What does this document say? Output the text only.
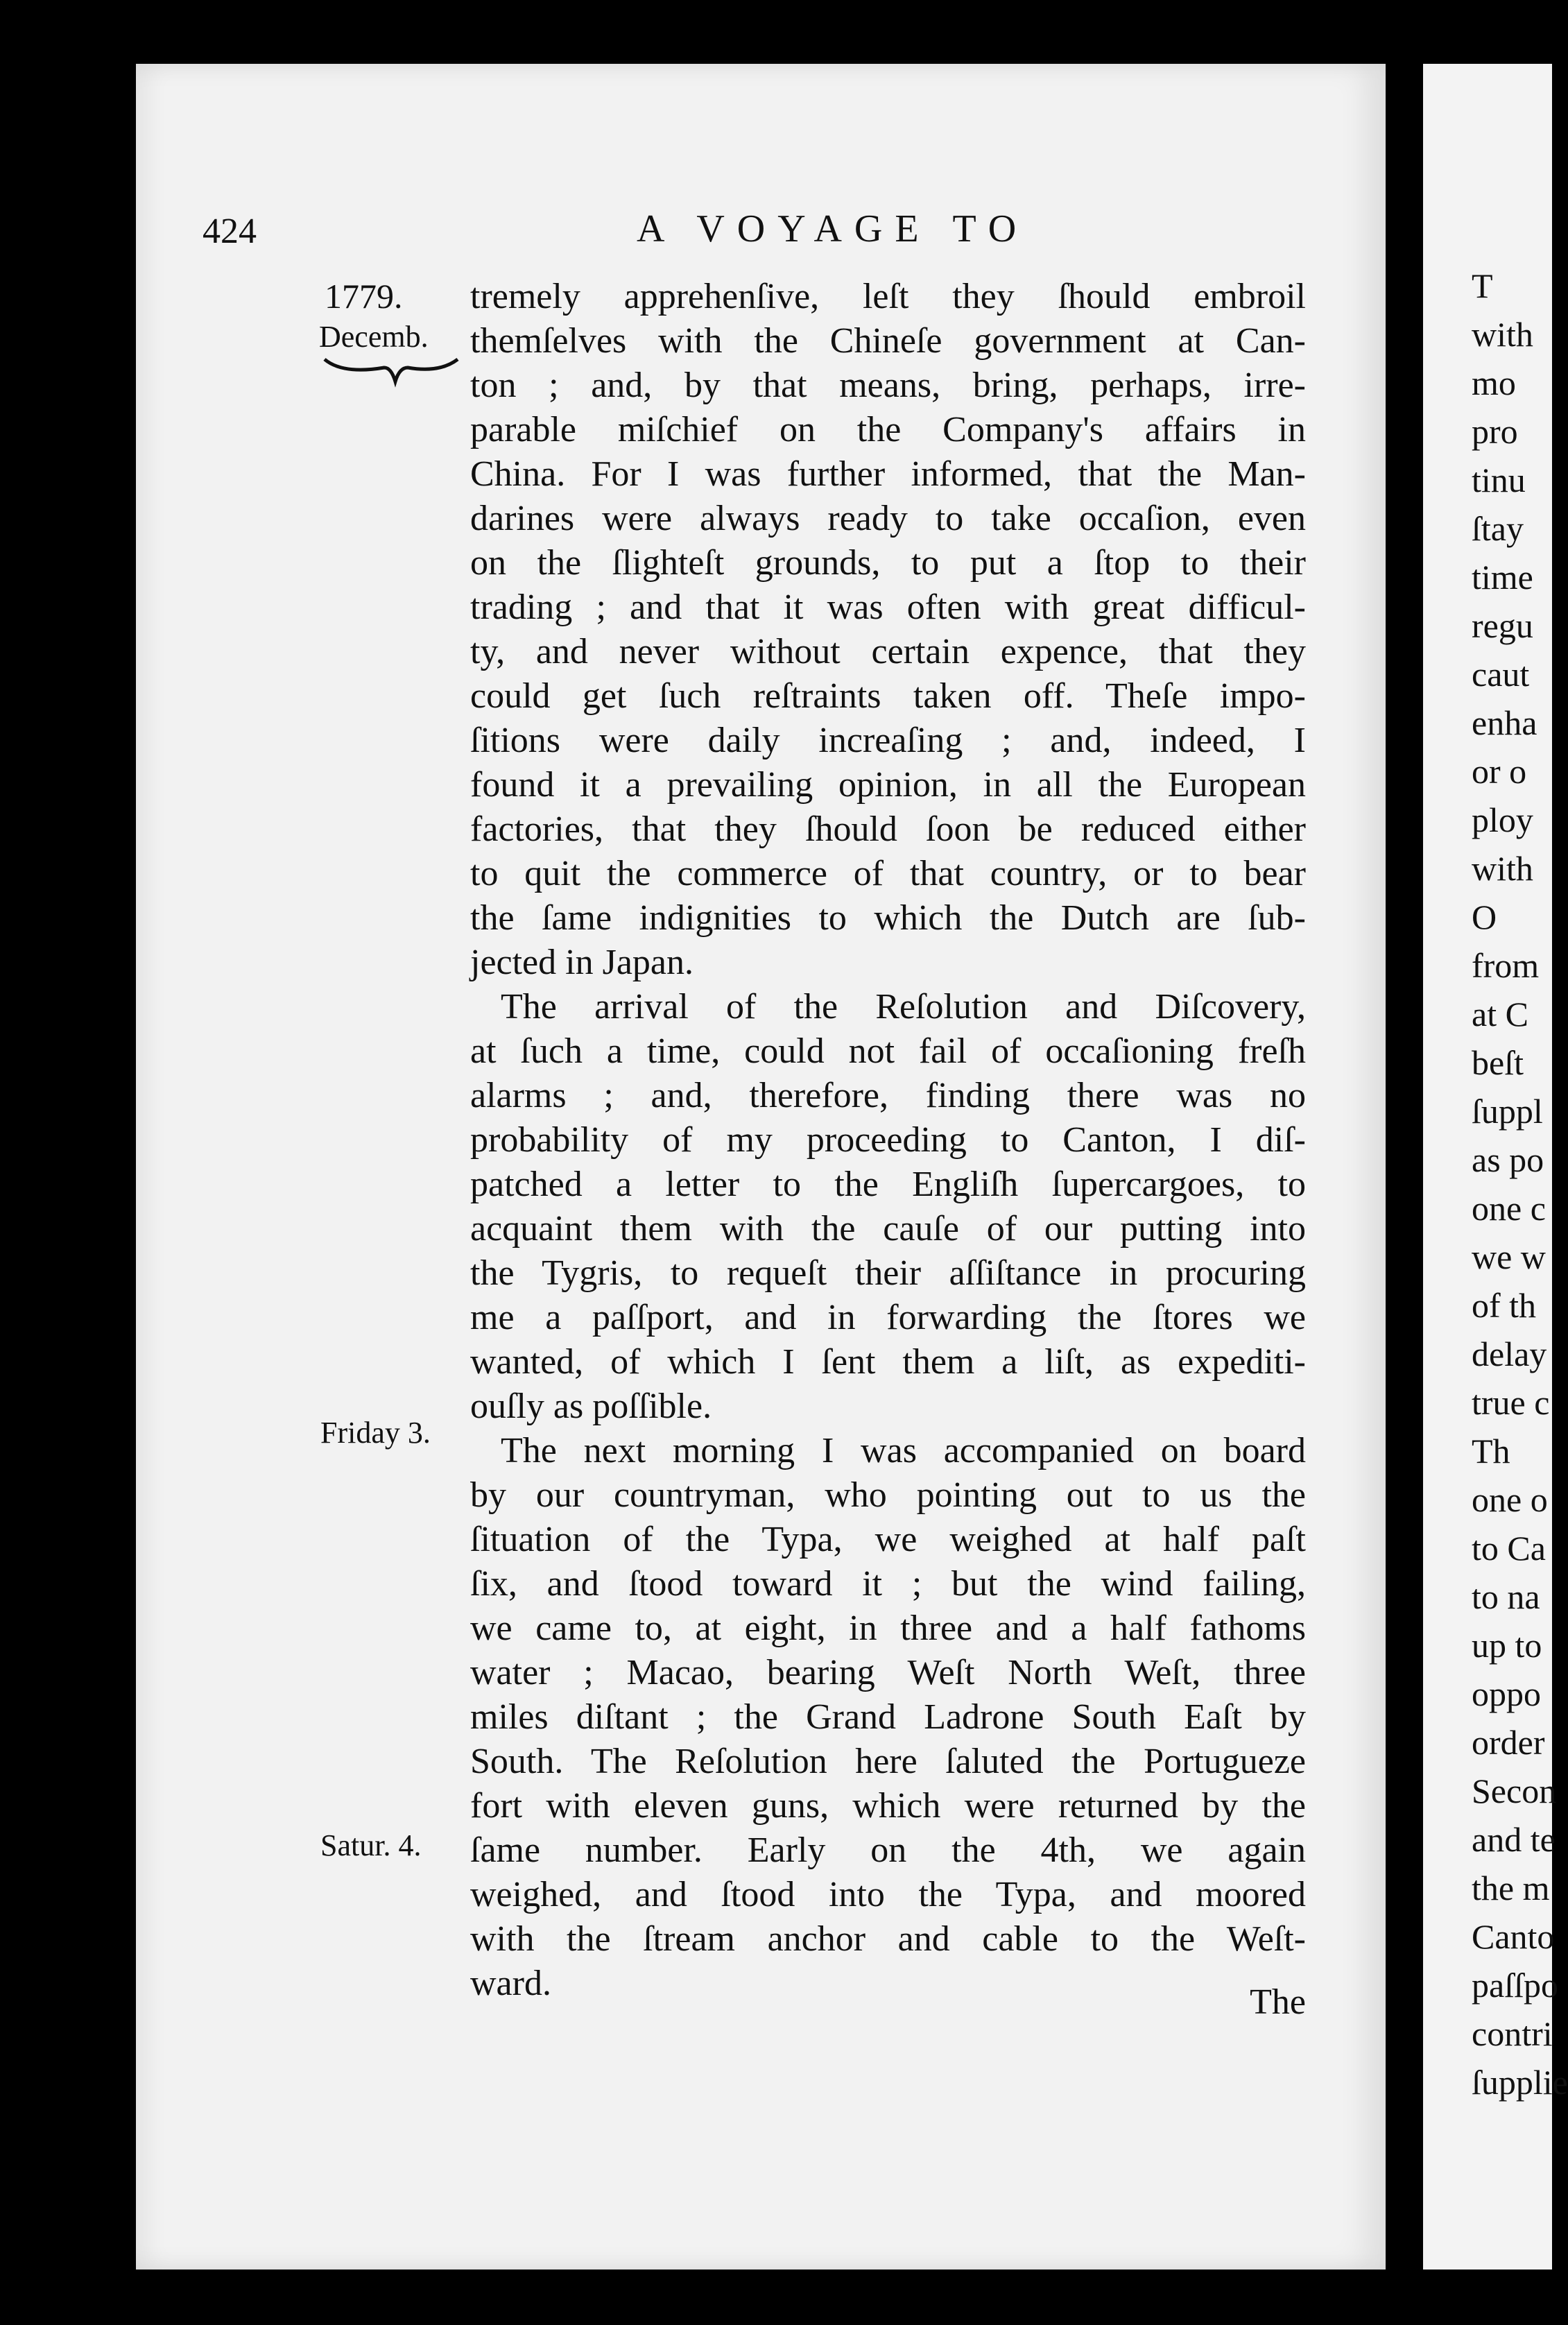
424	A VOYAGE TO
1779.
Decemb.
Friday 3.
Satur. 4.
tremely apprehenſive, leſt they ſhould embroil
themſelves with the Chineſe government at Can-
ton ; and, by that means, bring, perhaps, irre-
parable miſchief on the Company's affairs in
China. For I was further informed, that the Man-
darines were always ready to take occaſion, even
on the ſlighteſt grounds, to put a ſtop to their
trading ; and that it was often with great difficul-
ty, and never without certain expence, that they
could get ſuch reſtraints taken off. Theſe impo-
ſitions were daily increaſing ; and, indeed, I
found it a prevailing opinion, in all the European
factories, that they ſhould ſoon be reduced either
to quit the commerce of that country, or to bear
the ſame indignities to which the Dutch are ſub-
jected in Japan.
The arrival of the Reſolution and Diſcovery,
at ſuch a time, could not fail of occaſioning freſh
alarms ; and, therefore, finding there was no
probability of my proceeding to Canton, I diſ-
patched a letter to the Engliſh ſupercargoes, to
acquaint them with the cauſe of our putting into
the Tygris, to requeſt their aſſiſtance in procuring
me a paſſport, and in forwarding the ſtores we
wanted, of which I ſent them a liſt, as expediti-
ouſly as poſſible.
The next morning I was accompanied on board
by our countryman, who pointing out to us the
ſituation of the Typa, we weighed at half paſt
ſix, and ſtood toward it ; but the wind failing,
we came to, at eight, in three and a half fathoms
water ; Macao, bearing Weſt North Weſt, three
miles diſtant ; the Grand Ladrone South Eaſt by
South. The Reſolution here ſaluted the Portugueze
fort with eleven guns, which were returned by the
ſame number. Early on the 4th, we again
weighed, and ſtood into the Typa, and moored
with the ſtream anchor and cable to the Weſt-
ward.	The
T
with
mo
pro
tinu
ſtay
time
regu
caut
enha
or o
ploy
with
O
from
at C
beſt
ſuppl
as po
one c
we w
of th
delay
true c
Th
one o
to Ca
to na
up to
oppo
order
Secon
and te
the m
Canto
paſſpo
contri
ſupplie
